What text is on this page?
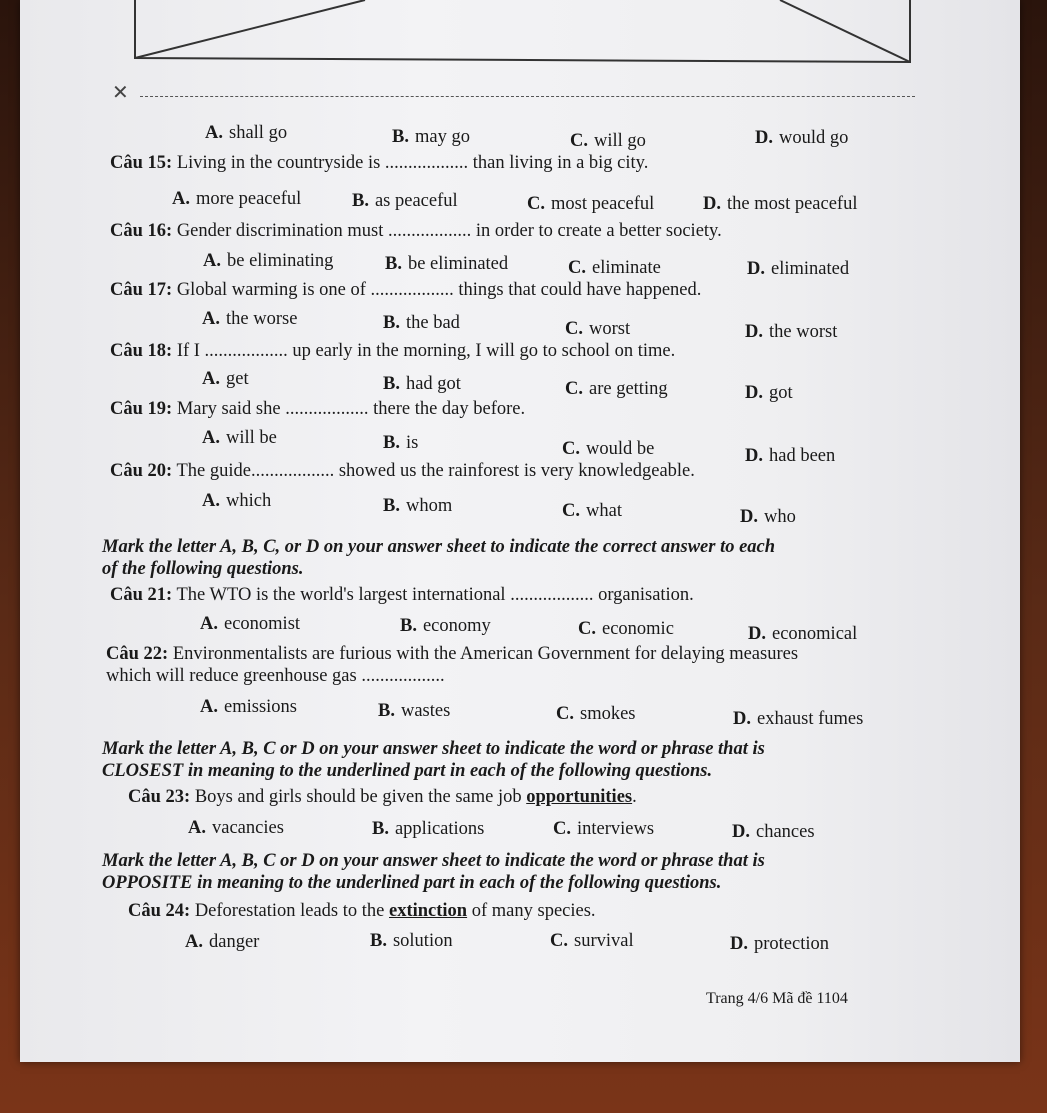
✕
A. shall go	B. may go	C. will go	D. would go
Câu 15: Living in the countryside is .................. than living in a big city.
A. more peaceful	B. as peaceful	C. most peaceful	D. the most peaceful
Câu 16: Gender discrimination must .................. in order to create a better society.
A. be eliminating	B. be eliminated	C. eliminate	D. eliminated
Câu 17: Global warming is one of .................. things that could have happened.
A. the worse	B. the bad	C. worst	D. the worst
Câu 18: If I .................. up early in the morning, I will go to school on time.
A. get	B. had got	C. are getting	D. got
Câu 19: Mary said she .................. there the day before.
A. will be	B. is	C. would be	D. had been
Câu 20: The guide.................. showed us the rainforest is very knowledgeable.
A. which	B. whom	C. what	D. who
Mark the letter A, B, C, or D on your answer sheet to indicate the correct answer to each
of the following questions.
Câu 21: The WTO is the world's largest international .................. organisation.
A. economist	B. economy	C. economic	D. economical
Câu 22: Environmentalists are furious with the American Government for delaying measures
which will reduce greenhouse gas ..................
A. emissions	B. wastes	C. smokes	D. exhaust fumes
Mark the letter A, B, C or D on your answer sheet to indicate the word or phrase that is
CLOSEST in meaning to the underlined part in each of the following questions.
Câu 23: Boys and girls should be given the same job opportunities.
A. vacancies	B. applications	C. interviews	D. chances
Mark the letter A, B, C or D on your answer sheet to indicate the word or phrase that is
OPPOSITE in meaning to the underlined part in each of the following questions.
Câu 24: Deforestation leads to the extinction of many species.
A. danger	B. solution	C. survival	D. protection
Trang 4/6 Mã đề 1104
